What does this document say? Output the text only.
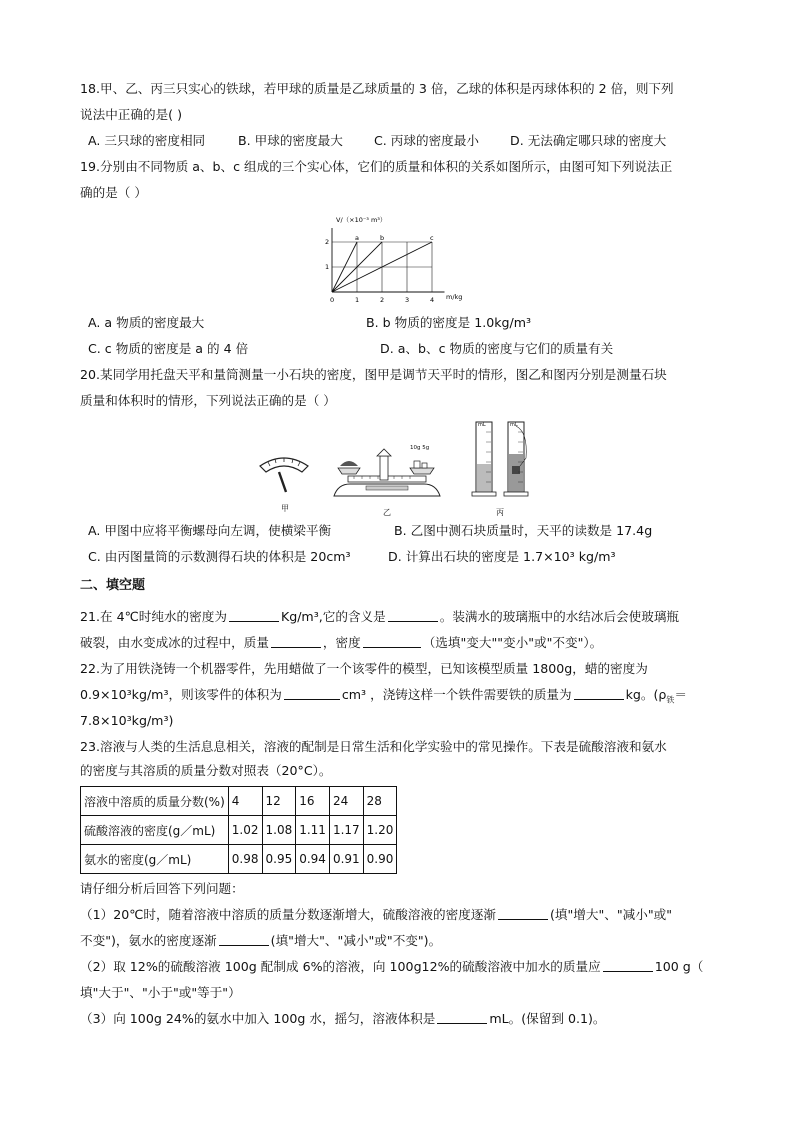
18.甲、乙、丙三只实心的铁球，若甲球的质量是乙球质量的 3 倍，乙球的体积是丙球体积的 2 倍，则下列
说法中正确的是( )
A. 三只球的密度相同	B. 甲球的密度最大 C. 丙球的密度最小 D. 无法确定哪只球的密度大
19.分别由不同物质 a、b、c 组成的三个实心体，它们的质量和体积的关系如图所示，由图可知下列说法正
确的是（ ）
a	b	c
0	1	2	3	4
1
2
V/（×10⁻³ m³）
m/kg
A. a 物质的密度最大	B. b 物质的密度是 1.0kg/m³
C. c 物质的密度是 a 的 4 倍	D. a、b、c 物质的密度与它们的质量有关
20.某同学用托盘天平和量筒测量一小石块的密度，图甲是调节天平时的情形，图乙和图丙分别是测量石块
质量和体积时的情形，下列说法正确的是（ ）
甲
10g 5g
乙
mL	mL
丙
A. 甲图中应将平衡螺母向左调，使横梁平衡	B. 乙图中测石块质量时，天平的读数是 17.4g
C. 由丙图量筒的示数测得石块的体积是 20cm³	D. 计算出石块的密度是 1.7×10³ kg/m³
二、填空题
21.在 4℃时纯水的密度为	Kg/m³,它的含义是	。装满水的玻璃瓶中的水结冰后会使玻璃瓶
破裂，由水变成冰的过程中，质量	，密度	（选填"变大""变小"或"不变"）。
22.为了用铁浇铸一个机器零件，先用蜡做了一个该零件的模型，已知该模型质量 1800g，蜡的密度为
0.9×10³kg/m³，则该零件的体积为	cm³ ，浇铸这样一个铁件需要铁的质量为	kg。($\rho_铁=$
7.8×10³kg/m³)
23.溶液与人类的生活息息相关，溶液的配制是日常生活和化学实验中的常见操作。下表是硫酸溶液和氨水
的密度与其溶质的质量分数对照表（20°C）。
溶液中溶质的质量分数(%)	4	12	16	24	28
硫酸溶液的密度(g／mL)	1.02	1.08	1.11	1.17	1.20
氨水的密度(g／mL)	0.98	0.95	0.94	0.91	0.90
请仔细分析后回答下列问题：
（1）20℃时，随着溶液中溶质的质量分数逐渐增大，硫酸溶液的密度逐渐	(填"增大"、"减小"或"
不变")，氨水的密度逐渐	(填"增大"、"减小"或"不变")。
（2）取 12%的硫酸溶液 100g 配制成 6%的溶液，向 100g12%的硫酸溶液中加水的质量应	100 g（
填"大于"、"小于"或"等于"）
（3）向 100g 24%的氨水中加入 100g 水，摇匀，溶液体积是	mL。(保留到 0.1)。
